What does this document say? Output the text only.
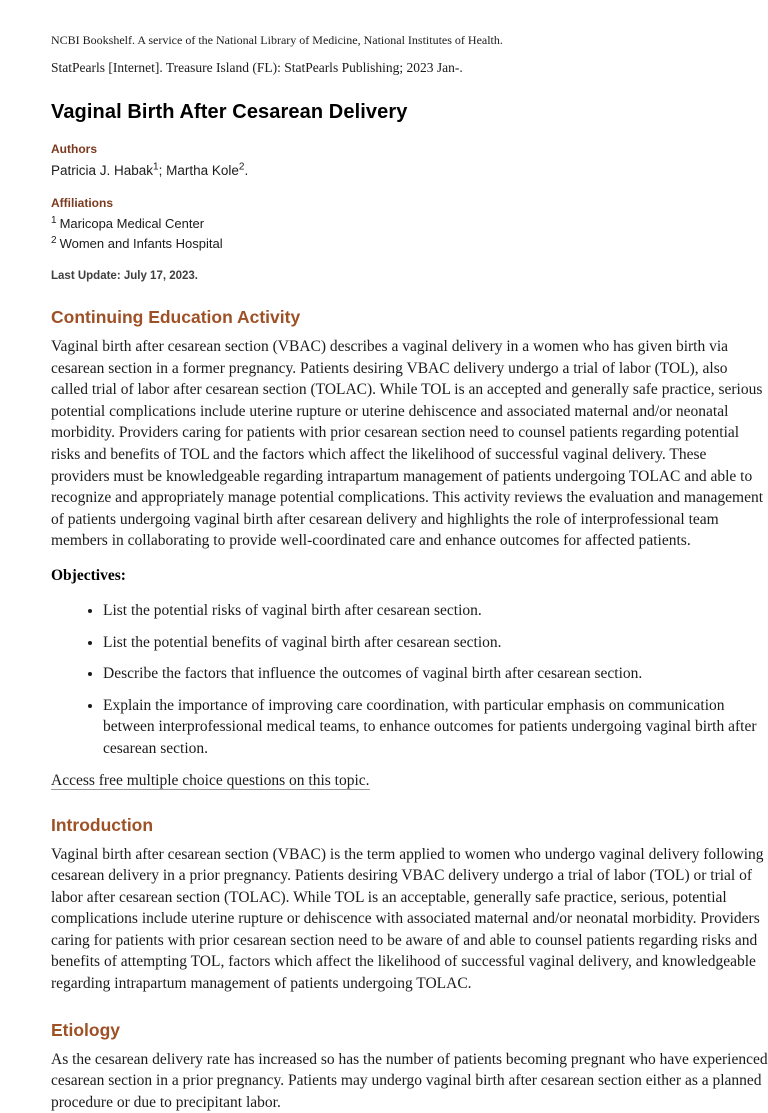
NCBI Bookshelf. A service of the National Library of Medicine, National Institutes of Health.

StatPearls [Internet]. Treasure Island (FL): StatPearls Publishing; 2023 Jan-.

Vaginal Birth After Cesarean Delivery
Authors

Patricia J. Habak$^1$; Martha Kole$^2$.

Affiliations

$^1$ Maricopa Medical Center

$^2$ Women and Infants Hospital

Last Update: July 17, 2023.

Continuing Education Activity

Vaginal birth after cesarean section (VBAC) describes a vaginal delivery in a women who has given birth via cesarean section in a former pregnancy. Patients desiring VBAC delivery undergo a trial of labor (TOL), also called trial of labor after cesarean section (TOLAC). While TOL is an accepted and generally safe practice, serious potential complications include uterine rupture or uterine dehiscence and associated maternal and/or neonatal morbidity. Providers caring for patients with prior cesarean section need to counsel patients regarding potential risks and benefits of TOL and the factors which affect the likelihood of successful vaginal delivery. These providers must be knowledgeable regarding intrapartum management of patients undergoing TOLAC and able to recognize and appropriately manage potential complications. This activity reviews the evaluation and management of patients undergoing vaginal birth after cesarean delivery and highlights the role of interprofessional team members in collaborating to provide well-coordinated care and enhance outcomes for affected patients.

Objectives:

• List the potential risks of vaginal birth after cesarean section.
• List the potential benefits of vaginal birth after cesarean section.
• Describe the factors that influence the outcomes of vaginal birth after cesarean section.
• Explain the importance of improving care coordination, with particular emphasis on communication between interprofessional medical teams, to enhance outcomes for patients undergoing vaginal birth after cesarean section.

Access free multiple choice questions on this topic.

Introduction

Vaginal birth after cesarean section (VBAC) is the term applied to women who undergo vaginal delivery following cesarean delivery in a prior pregnancy. Patients desiring VBAC delivery undergo a trial of labor (TOL) or trial of labor after cesarean section (TOLAC). While TOL is an acceptable, generally safe practice, serious, potential complications include uterine rupture or dehiscence with associated maternal and/or neonatal morbidity. Providers caring for patients with prior cesarean section need to be aware of and able to counsel patients regarding risks and benefits of attempting TOL, factors which affect the likelihood of successful vaginal delivery, and knowledgeable regarding intrapartum management of patients undergoing TOLAC.

Etiology

As the cesarean delivery rate has increased so has the number of patients becoming pregnant who have experienced cesarean section in a prior pregnancy. Patients may undergo vaginal birth after cesarean section either as a planned procedure or due to precipitant labor.
